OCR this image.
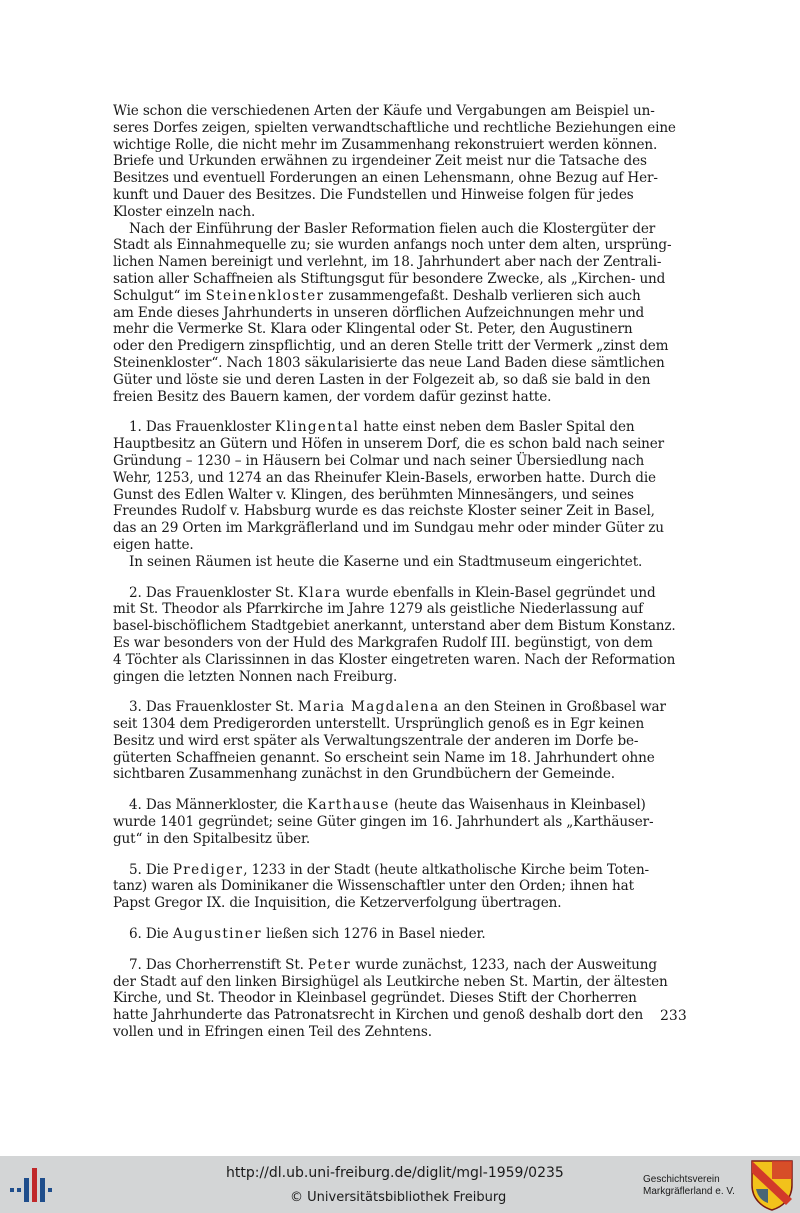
Wie schon die verschiedenen Arten der Käufe und Vergabungen am Beispiel un-
seres Dorfes zeigen, spielten verwandtschaftliche und rechtliche Beziehungen eine
wichtige Rolle, die nicht mehr im Zusammenhang rekonstruiert werden können.
Briefe und Urkunden erwähnen zu irgendeiner Zeit meist nur die Tatsache des
Besitzes und eventuell Forderungen an einen Lehensmann, ohne Bezug auf Her-
kunft und Dauer des Besitzes. Die Fundstellen und Hinweise folgen für jedes
Kloster einzeln nach.

Nach der Einführung der Basler Reformation fielen auch die Klostergüter der
Stadt als Einnahmequelle zu; sie wurden anfangs noch unter dem alten, ursprüng-
lichen Namen bereinigt und verlehnt, im 18. Jahrhundert aber nach der Zentrali-
sation aller Schaffneien als Stiftungsgut für besondere Zwecke, als „Kirchen- und
Schulgut“ im Steinenkloster zusammengefaßt. Deshalb verlieren sich auch
am Ende dieses Jahrhunderts in unseren dörflichen Aufzeichnungen mehr und
mehr die Vermerke St. Klara oder Klingental oder St. Peter, den Augustinern
oder den Predigern zinspflichtig, und an deren Stelle tritt der Vermerk „zinst dem
Steinenkloster“. Nach 1803 säkularisierte das neue Land Baden diese sämtlichen
Güter und löste sie und deren Lasten in der Folgezeit ab, so daß sie bald in den
freien Besitz des Bauern kamen, der vordem dafür gezinst hatte.

1. Das Frauenkloster Klingental hatte einst neben dem Basler Spital den
Hauptbesitz an Gütern und Höfen in unserem Dorf, die es schon bald nach seiner
Gründung – 1230 – in Häusern bei Colmar und nach seiner Übersiedlung nach
Wehr, 1253, und 1274 an das Rheinufer Klein-Basels, erworben hatte. Durch die
Gunst des Edlen Walter v. Klingen, des berühmten Minnesängers, und seines
Freundes Rudolf v. Habsburg wurde es das reichste Kloster seiner Zeit in Basel,
das an 29 Orten im Markgräflerland und im Sundgau mehr oder minder Güter zu
eigen hatte.

In seinen Räumen ist heute die Kaserne und ein Stadtmuseum eingerichtet.

2. Das Frauenkloster St. Klara wurde ebenfalls in Klein-Basel gegründet und
mit St. Theodor als Pfarrkirche im Jahre 1279 als geistliche Niederlassung auf
basel-bischöflichem Stadtgebiet anerkannt, unterstand aber dem Bistum Konstanz.
Es war besonders von der Huld des Markgrafen Rudolf III. begünstigt, von dem
4 Töchter als Clarissinnen in das Kloster eingetreten waren. Nach der Reformation
gingen die letzten Nonnen nach Freiburg.

3. Das Frauenkloster St. Maria Magdalena an den Steinen in Großbasel war
seit 1304 dem Predigerorden unterstellt. Ursprünglich genoß es in Egr keinen
Besitz und wird erst später als Verwaltungszentrale der anderen im Dorfe be-
güterten Schaffneien genannt. So erscheint sein Name im 18. Jahrhundert ohne
sichtbaren Zusammenhang zunächst in den Grundbüchern der Gemeinde.

4. Das Männerkloster, die Karthause (heute das Waisenhaus in Kleinbasel)
wurde 1401 gegründet; seine Güter gingen im 16. Jahrhundert als „Karthäuser-
gut“ in den Spitalbesitz über.

5. Die Prediger, 1233 in der Stadt (heute altkatholische Kirche beim Toten-
tanz) waren als Dominikaner die Wissenschaftler unter den Orden; ihnen hat
Papst Gregor IX. die Inquisition, die Ketzerverfolgung übertragen.

6. Die Augustiner ließen sich 1276 in Basel nieder.

7. Das Chorherrenstift St. Peter wurde zunächst, 1233, nach der Ausweitung
der Stadt auf den linken Birsighügel als Leutkirche neben St. Martin, der ältesten
Kirche, und St. Theodor in Kleinbasel gegründet. Dieses Stift der Chorherren
hatte Jahrhunderte das Patronatsrecht in Kirchen und genoß deshalb dort den
vollen und in Efringen einen Teil des Zehntens.

233
http://dl.ub.uni-freiburg.de/diglit/mgl-1959/0235
© Universitätsbibliothek Freiburg
Geschichtsverein
Markgräflerland e. V.
